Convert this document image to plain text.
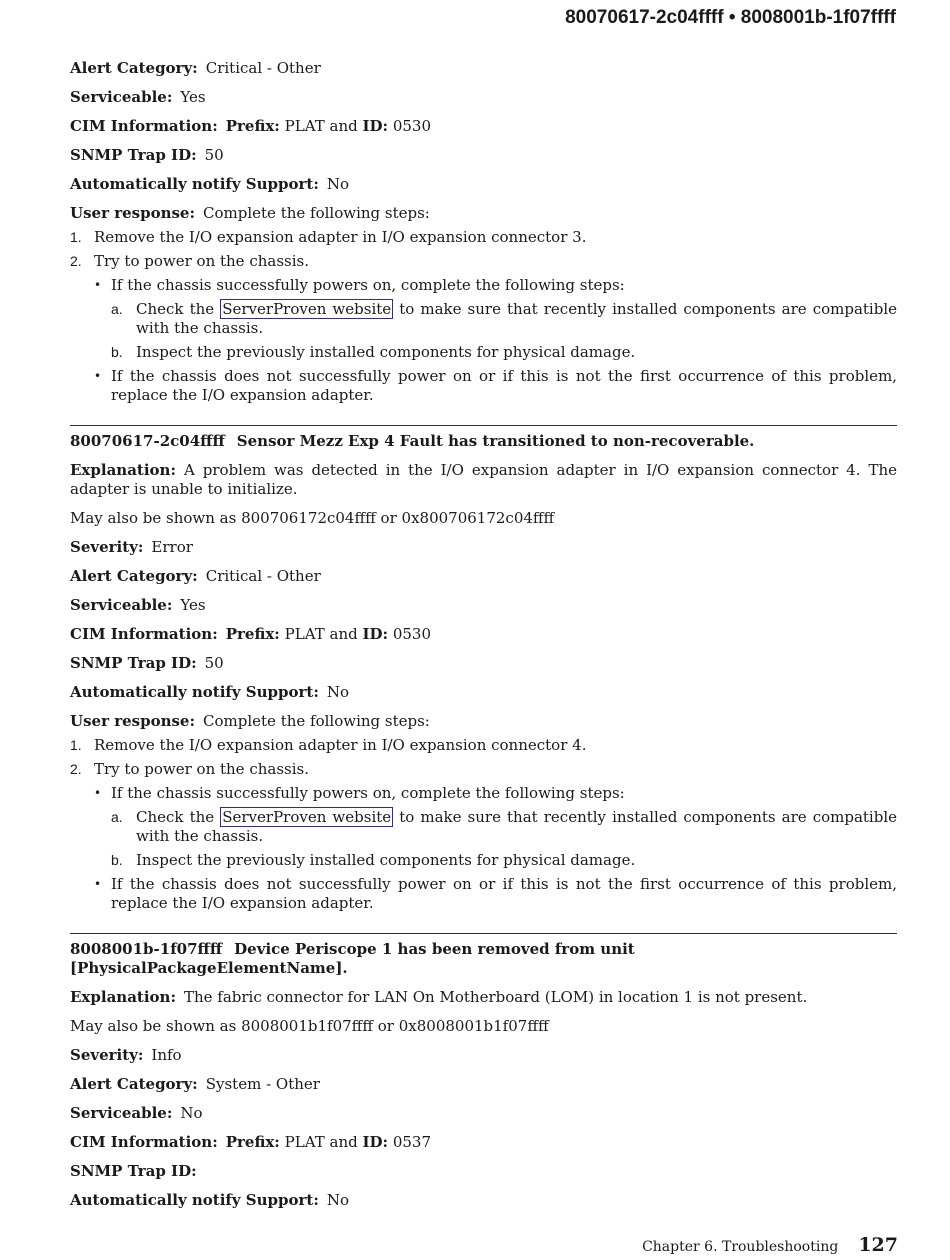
80070617-2c04ffff • 8008001b-1f07ffff

Alert Category: Critical - Other

Serviceable: Yes

CIM Information: Prefix: PLAT and ID: 0530

SNMP Trap ID: 50

Automatically notify Support: No

User response: Complete the following steps:

1. Remove the I/O expansion adapter in I/O expansion connector 3.
2. Try to power on the chassis.
• If the chassis successfully powers on, complete the following steps:
a. Check the ServerProven website to make sure that recently installed components are compatible with the chassis.
b. Inspect the previously installed components for physical damage.
• If the chassis does not successfully power on or if this is not the first occurrence of this problem, replace the I/O expansion adapter.

80070617-2c04ffff Sensor Mezz Exp 4 Fault has transitioned to non-recoverable.

Explanation: A problem was detected in the I/O expansion adapter in I/O expansion connector 4. The adapter is unable to initialize.

May also be shown as 800706172c04ffff or 0x800706172c04ffff

Severity: Error

Alert Category: Critical - Other

Serviceable: Yes

CIM Information: Prefix: PLAT and ID: 0530

SNMP Trap ID: 50

Automatically notify Support: No

User response: Complete the following steps:

1. Remove the I/O expansion adapter in I/O expansion connector 4.
2. Try to power on the chassis.
• If the chassis successfully powers on, complete the following steps:
a. Check the ServerProven website to make sure that recently installed components are compatible with the chassis.
b. Inspect the previously installed components for physical damage.
• If the chassis does not successfully power on or if this is not the first occurrence of this problem, replace the I/O expansion adapter.

8008001b-1f07ffff Device Periscope 1 has been removed from unit [PhysicalPackageElementName].

Explanation: The fabric connector for LAN On Motherboard (LOM) in location 1 is not present.

May also be shown as 8008001b1f07ffff or 0x8008001b1f07ffff

Severity: Info

Alert Category: System - Other

Serviceable: No

CIM Information: Prefix: PLAT and ID: 0537

SNMP Trap ID:

Automatically notify Support: No

Chapter 6. Troubleshooting 127
